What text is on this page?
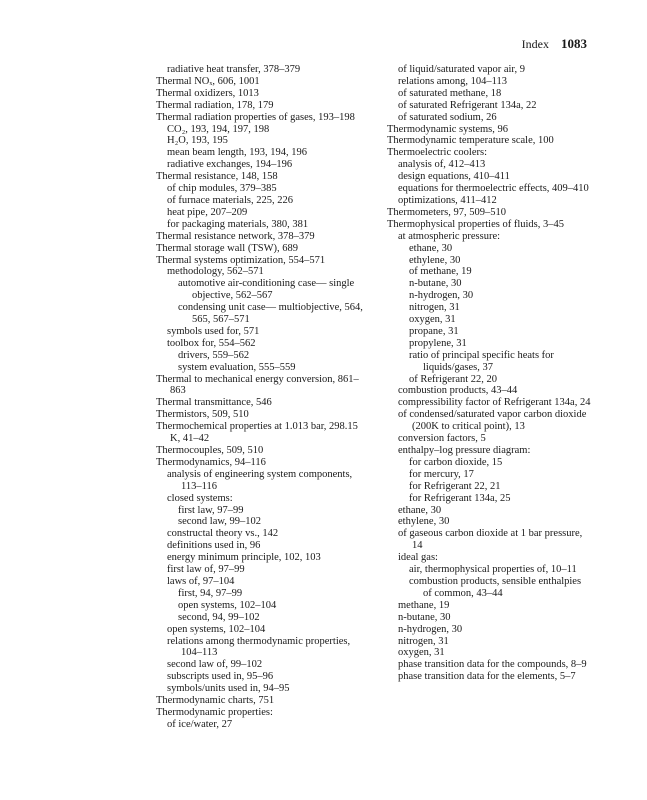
Index 1083
radiative heat transfer, 378–379
Thermal NOₓ, 606, 1001
Thermal oxidizers, 1013
Thermal radiation, 178, 179
Thermal radiation properties of gases, 193–198
CO₂, 193, 194, 197, 198
H₂O, 193, 195
mean beam length, 193, 194, 196
radiative exchanges, 194–196
Thermal resistance, 148, 158
of chip modules, 379–385
of furnace materials, 225, 226
heat pipe, 207–209
for packaging materials, 380, 381
Thermal resistance network, 378–379
Thermal storage wall (TSW), 689
Thermal systems optimization, 554–571
methodology, 562–571
automotive air-conditioning case— single objective, 562–567
condensing unit case— multiobjective, 564, 565, 567–571
symbols used for, 571
toolbox for, 554–562
drivers, 559–562
system evaluation, 555–559
Thermal to mechanical energy conversion, 861–863
Thermal transmittance, 546
Thermistors, 509, 510
Thermochemical properties at 1.013 bar, 298.15 K, 41–42
Thermocouples, 509, 510
Thermodynamics, 94–116
analysis of engineering system components, 113–116
closed systems:
first law, 97–99
second law, 99–102
constructal theory vs., 142
definitions used in, 96
energy minimum principle, 102, 103
first law of, 97–99
laws of, 97–104
first, 94, 97–99
open systems, 102–104
second, 94, 99–102
open systems, 102–104
relations among thermodynamic properties, 104–113
second law of, 99–102
subscripts used in, 95–96
symbols/units used in, 94–95
Thermodynamic charts, 751
Thermodynamic properties:
of ice/water, 27
of liquid/saturated vapor air, 9
relations among, 104–113
of saturated methane, 18
of saturated Refrigerant 134a, 22
of saturated sodium, 26
Thermodynamic systems, 96
Thermodynamic temperature scale, 100
Thermoelectric coolers:
analysis of, 412–413
design equations, 410–411
equations for thermoelectric effects, 409–410
optimizations, 411–412
Thermometers, 97, 509–510
Thermophysical properties of fluids, 3–45
at atmospheric pressure:
ethane, 30
ethylene, 30
of methane, 19
n-butane, 30
n-hydrogen, 30
nitrogen, 31
oxygen, 31
propane, 31
propylene, 31
ratio of principal specific heats for liquids/gases, 37
of Refrigerant 22, 20
combustion products, 43–44
compressibility factor of Refrigerant 134a, 24
of condensed/saturated vapor carbon dioxide (200K to critical point), 13
conversion factors, 5
enthalpy–log pressure diagram:
for carbon dioxide, 15
for mercury, 17
for Refrigerant 22, 21
for Refrigerant 134a, 25
ethane, 30
ethylene, 30
of gaseous carbon dioxide at 1 bar pressure, 14
ideal gas:
air, thermophysical properties of, 10–11
combustion products, sensible enthalpies of common, 43–44
methane, 19
n-butane, 30
n-hydrogen, 30
nitrogen, 31
oxygen, 31
phase transition data for the compounds, 8–9
phase transition data for the elements, 5–7
